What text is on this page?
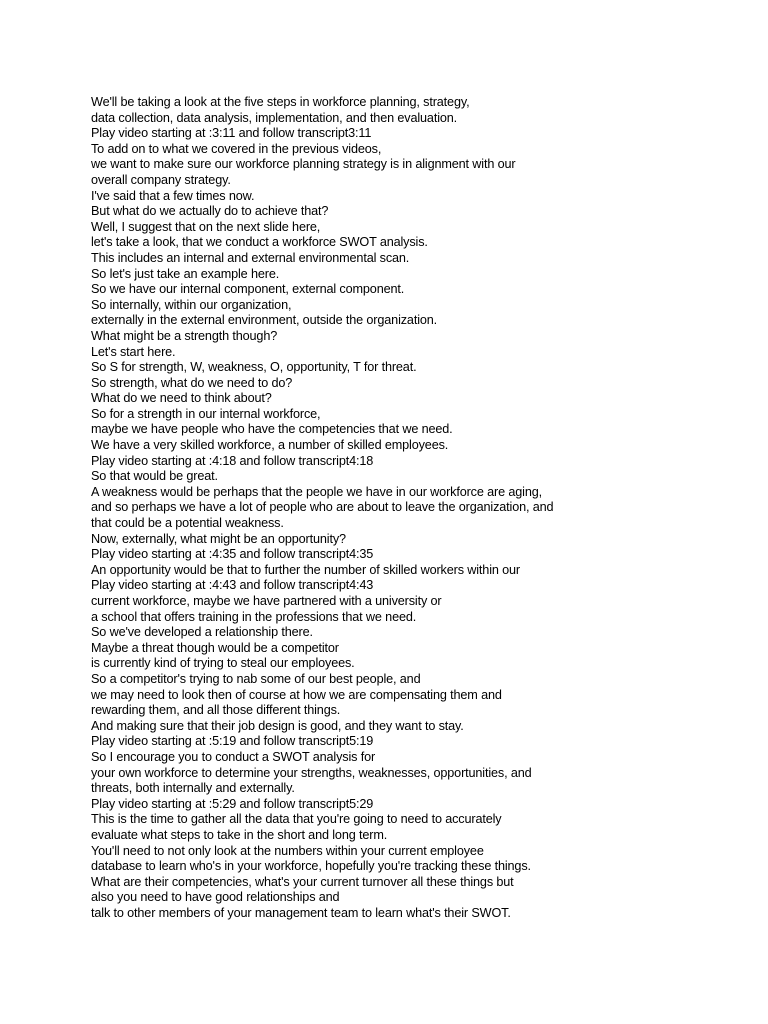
We'll be taking a look at the five steps in workforce planning, strategy,
data collection, data analysis, implementation, and then evaluation.
Play video starting at :3:11 and follow transcript3:11
To add on to what we covered in the previous videos,
we want to make sure our workforce planning strategy is in alignment with our
overall company strategy.
I've said that a few times now.
But what do we actually do to achieve that?
Well, I suggest that on the next slide here,
let's take a look, that we conduct a workforce SWOT analysis.
This includes an internal and external environmental scan.
So let's just take an example here.
So we have our internal component, external component.
So internally, within our organization,
externally in the external environment, outside the organization.
What might be a strength though?
Let's start here.
So S for strength, W, weakness, O, opportunity, T for threat.
So strength, what do we need to do?
What do we need to think about?
So for a strength in our internal workforce,
maybe we have people who have the competencies that we need.
We have a very skilled workforce, a number of skilled employees.
Play video starting at :4:18 and follow transcript4:18
So that would be great.
A weakness would be perhaps that the people we have in our workforce are aging,
and so perhaps we have a lot of people who are about to leave the organization, and
that could be a potential weakness.
Now, externally, what might be an opportunity?
Play video starting at :4:35 and follow transcript4:35
An opportunity would be that to further the number of skilled workers within our
Play video starting at :4:43 and follow transcript4:43
current workforce, maybe we have partnered with a university or
a school that offers training in the professions that we need.
So we've developed a relationship there.
Maybe a threat though would be a competitor
is currently kind of trying to steal our employees.
So a competitor's trying to nab some of our best people, and
we may need to look then of course at how we are compensating them and
rewarding them, and all those different things.
And making sure that their job design is good, and they want to stay.
Play video starting at :5:19 and follow transcript5:19
So I encourage you to conduct a SWOT analysis for
your own workforce to determine your strengths, weaknesses, opportunities, and
threats, both internally and externally.
Play video starting at :5:29 and follow transcript5:29
This is the time to gather all the data that you're going to need to accurately
evaluate what steps to take in the short and long term.
You'll need to not only look at the numbers within your current employee
database to learn who's in your workforce, hopefully you're tracking these things.
What are their competencies, what's your current turnover all these things but
also you need to have good relationships and
talk to other members of your management team to learn what's their SWOT.
